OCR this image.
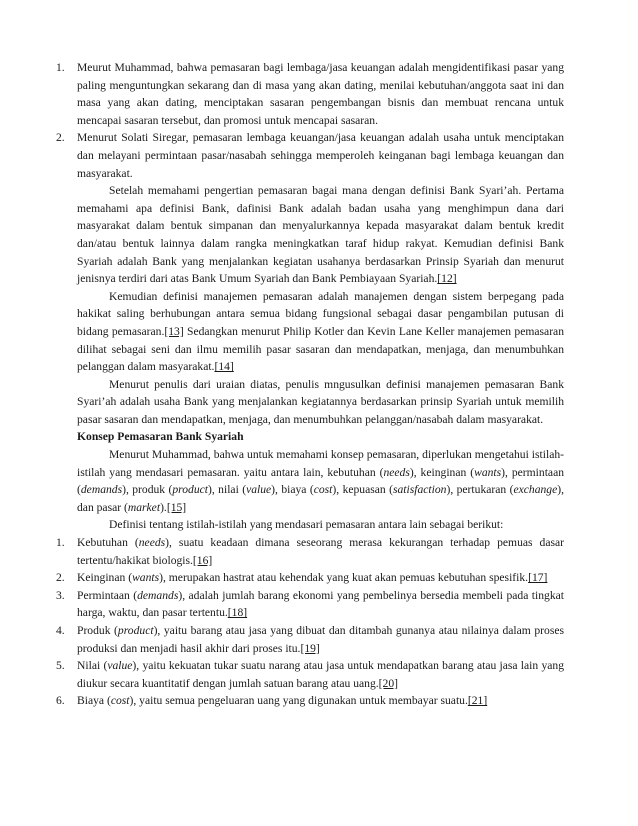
1. Meurut Muhammad, bahwa pemasaran bagi lembaga/jasa keuangan adalah mengidentifikasi pasar yang paling menguntungkan sekarang dan di masa yang akan dating, menilai kebutuhan/anggota saat ini dan masa yang akan dating, menciptakan sasaran pengembangan bisnis dan membuat rencana untuk mencapai sasaran tersebut, dan promosi untuk mencapai sasaran.

2. Menurut Solati Siregar, pemasaran lembaga keuangan/jasa keuangan adalah usaha untuk menciptakan dan melayani permintaan pasar/nasabah sehingga memperoleh keinganan bagi lembaga keuangan dan masyarakat.

Setelah memahami pengertian pemasaran bagai mana dengan definisi Bank Syari’ah. Pertama memahami apa definisi Bank, dafinisi Bank adalah badan usaha yang menghimpun dana dari masyarakat dalam bentuk simpanan dan menyalurkannya kepada masyarakat dalam bentuk kredit dan/atau bentuk lainnya dalam rangka meningkatkan taraf hidup rakyat. Kemudian definisi Bank Syariah adalah Bank yang menjalankan kegiatan usahanya berdasarkan Prinsip Syariah dan menurut jenisnya terdiri dari atas Bank Umum Syariah dan Bank Pembiayaan Syariah.[12]

Kemudian definisi manajemen pemasaran adalah manajemen dengan sistem berpegang pada hakikat saling berhubungan antara semua bidang fungsional sebagai dasar pengambilan putusan di bidang pemasaran.[13] Sedangkan menurut Philip Kotler dan Kevin Lane Keller manajemen pemasaran dilihat sebagai seni dan ilmu memilih pasar sasaran dan mendapatkan, menjaga, dan menumbuhkan pelanggan dalam masyarakat.[14]

Menurut penulis dari uraian diatas, penulis mngusulkan definisi manajemen pemasaran Bank Syari’ah adalah usaha Bank yang menjalankan kegiatannya berdasarkan prinsip Syariah untuk memilih pasar sasaran dan mendapatkan, menjaga, dan menumbuhkan pelanggan/nasabah dalam masyarakat.

Konsep Pemasaran Bank Syariah

Menurut Muhammad, bahwa untuk memahami konsep pemasaran, diperlukan mengetahui istilah-istilah yang mendasari pemasaran. yaitu antara lain, kebutuhan (needs), keinginan (wants), permintaan (demands), produk (product), nilai (value), biaya (cost), kepuasan (satisfaction), pertukaran (exchange), dan pasar (market).[15]

Definisi tentang istilah-istilah yang mendasari pemasaran antara lain sebagai berikut:

1. Kebutuhan (needs), suatu keadaan dimana seseorang merasa kekurangan terhadap pemuas dasar tertentu/hakikat biologis.[16]

2. Keinginan (wants), merupakan hastrat atau kehendak yang kuat akan pemuas kebutuhan spesifik.[17]

3. Permintaan (demands), adalah jumlah barang ekonomi yang pembelinya bersedia membeli pada tingkat harga, waktu, dan pasar tertentu.[18]

4. Produk (product), yaitu barang atau jasa yang dibuat dan ditambah gunanya atau nilainya dalam proses produksi dan menjadi hasil akhir dari proses itu.[19]

5. Nilai (value), yaitu kekuatan tukar suatu narang atau jasa untuk mendapatkan barang atau jasa lain yang diukur secara kuantitatif dengan jumlah satuan barang atau uang.[20]

6. Biaya (cost), yaitu semua pengeluaran uang yang digunakan untuk membayar suatu.[21]
